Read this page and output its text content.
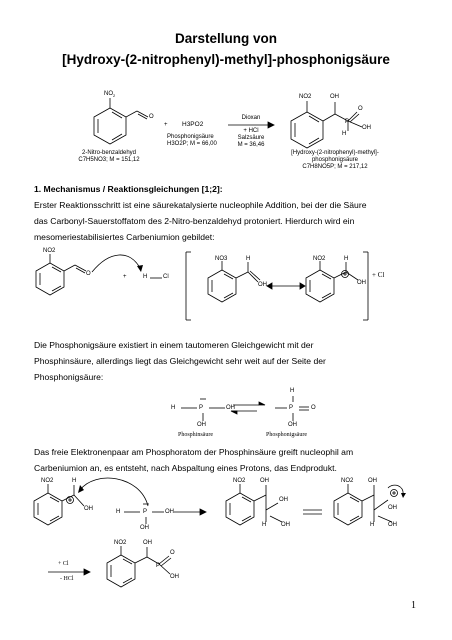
Darstellung von
[Hydroxy-(2-nitrophenyl)-methyl]-phosphonigsäure
$NO_2$
O
2-Nitro-benzaldehyd
C7H5NO3; M = 151,12
+ H3PO2
Phosphonigsäure
H3O2P; M = 66,00
Dioxan
+ HCl
Salzsäure
M = 36,46
NO2	OH
O
P
H
OH
[Hydroxy-(2-nitrophenyl)-methyl]-
phosphonigsäure
C7H8NO5P; M = 217,12
1. Mechanismus / Reaktionsgleichungen [1;2]:
Erster Reaktionsschritt ist eine säurekatalysierte nucleophile Addition, bei der die Säure
das Carbonyl-Sauerstoffatom des 2-Nitro-benzaldehyd protoniert. Hierdurch wird ein
mesomeriestabilisiertes Carbeniumion gebildet:
NO2
O	+	H	Cl
NO3	H
OH
NO2	H
OH
+ Cl
Die Phosphonigsäure existiert in einem tautomeren Gleichgewicht mit der
Phosphinsäure, allerdings liegt das Gleichgewicht sehr weit auf der Seite der
Phosphonigsäure:
H	P	OH
OH
Phosphinsäure
H
P	O
OH
Phosphonigsäure
Das freie Elektronenpaar am Phosphoratom der Phosphinsäure greift nucleophil am
Carbeniumion an, es entsteht, nach Abspaltung eines Protons, das Endprodukt.
NO2	H
OH	H	P	OH
OH
NO2 OH
OH
H OH
NO2 OH
H OH
OH
+ Cl
- HCl
NO2	OH
O
P
OH
1
